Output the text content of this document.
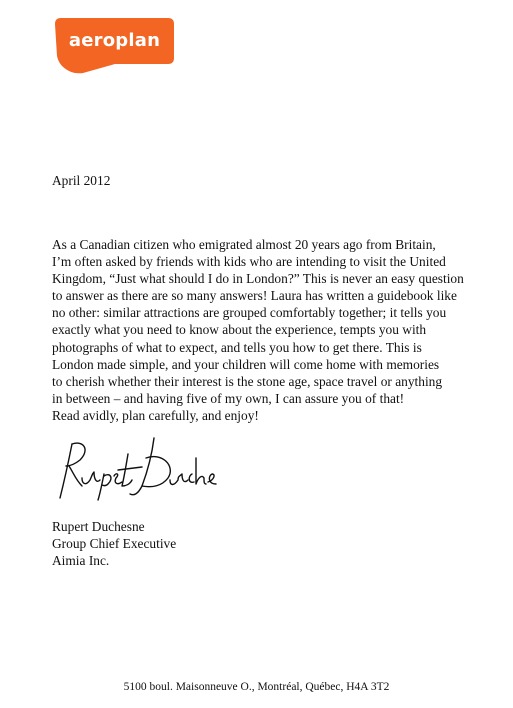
aeroplan
April 2012
As a Canadian citizen who emigrated almost 20 years ago from Britain,
I’m often asked by friends with kids who are intending to visit the United
Kingdom, “Just what should I do in London?” This is never an easy question
to answer as there are so many answers! Laura has written a guidebook like
no other: similar attractions are grouped comfortably together; it tells you
exactly what you need to know about the experience, tempts you with
photographs of what to expect, and tells you how to get there. This is
London made simple, and your children will come home with memories
to cherish whether their interest is the stone age, space travel or anything
in between – and having five of my own, I can assure you of that!
Read avidly, plan carefully, and enjoy!
Rupert Duchesne
Group Chief Executive
Aimia Inc.
5100 boul. Maisonneuve O., Montréal, Québec, H4A 3T2
